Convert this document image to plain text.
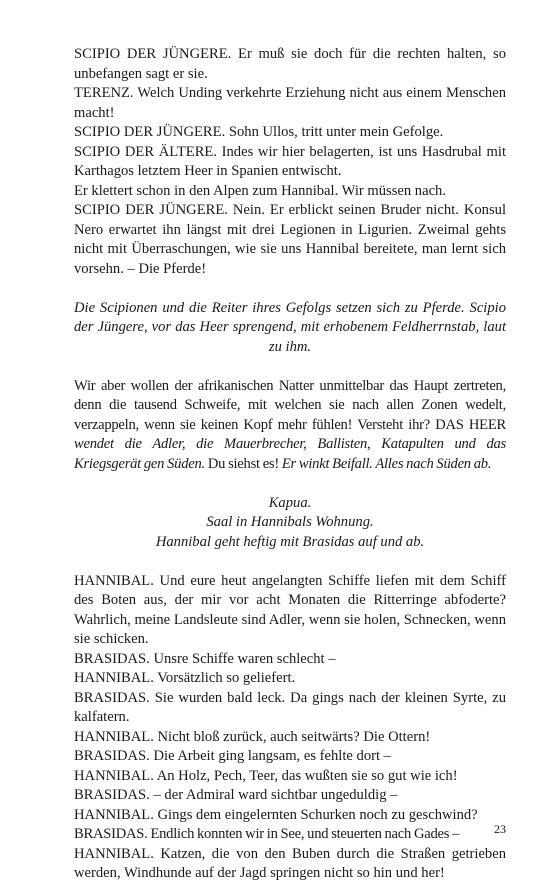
SCIPIO DER JÜNGERE. Er muß sie doch für die rechten halten, so unbefangen sagt er sie.

TERENZ. Welch Unding verkehrte Erziehung nicht aus einem Menschen macht!

SCIPIO DER JÜNGERE. Sohn Ullos, tritt unter mein Gefolge.

SCIPIO DER ÄLTERE. Indes wir hier belagerten, ist uns Hasdrubal mit Karthagos letztem Heer in Spanien entwischt.

Er klettert schon in den Alpen zum Hannibal. Wir müssen nach.

SCIPIO DER JÜNGERE. Nein. Er erblickt seinen Bruder nicht. Konsul Nero erwartet ihn längst mit drei Legionen in Ligurien. Zweimal gehts nicht mit Überraschungen, wie sie uns Hannibal bereitete, man lernt sich vorsehn. – Die Pferde!

Die Scipionen und die Reiter ihres Gefolgs setzen sich zu Pferde. Scipio der Jüngere, vor das Heer sprengend, mit erhobenem Feldherrnstab, laut zu ihm.

Wir aber wollen der afrikanischen Natter unmittelbar das Haupt zertreten, denn die tausend Schweife, mit welchen sie nach allen Zonen wedelt, verzappeln, wenn sie keinen Kopf mehr fühlen! Versteht ihr? DAS HEER wendet die Adler, die Mauerbrecher, Ballisten, Katapulten und das Kriegsgerät gen Süden. Du siehst es! Er winkt Beifall. Alles nach Süden ab.

Kapua.

Saal in Hannibals Wohnung.

Hannibal geht heftig mit Brasidas auf und ab.

HANNIBAL. Und eure heut angelangten Schiffe liefen mit dem Schiff des Boten aus, der mir vor acht Monaten die Ritterringe abfoderte? Wahrlich, meine Landsleute sind Adler, wenn sie holen, Schnecken, wenn sie schicken.

BRASIDAS. Unsre Schiffe waren schlecht –

HANNIBAL. Vorsätzlich so geliefert.

BRASIDAS. Sie wurden bald leck. Da gings nach der kleinen Syrte, zu kalfatern.

HANNIBAL. Nicht bloß zurück, auch seitwärts? Die Ottern!

BRASIDAS. Die Arbeit ging langsam, es fehlte dort –

HANNIBAL. An Holz, Pech, Teer, das wußten sie so gut wie ich!

BRASIDAS. – der Admiral ward sichtbar ungeduldig –

HANNIBAL. Gings dem eingelernten Schurken noch zu geschwind?

BRASIDAS. Endlich konnten wir in See, und steuerten nach Gades –

HANNIBAL. Katzen, die von den Buben durch die Straßen getrieben werden, Windhunde auf der Jagd springen nicht so hin und her!

23
